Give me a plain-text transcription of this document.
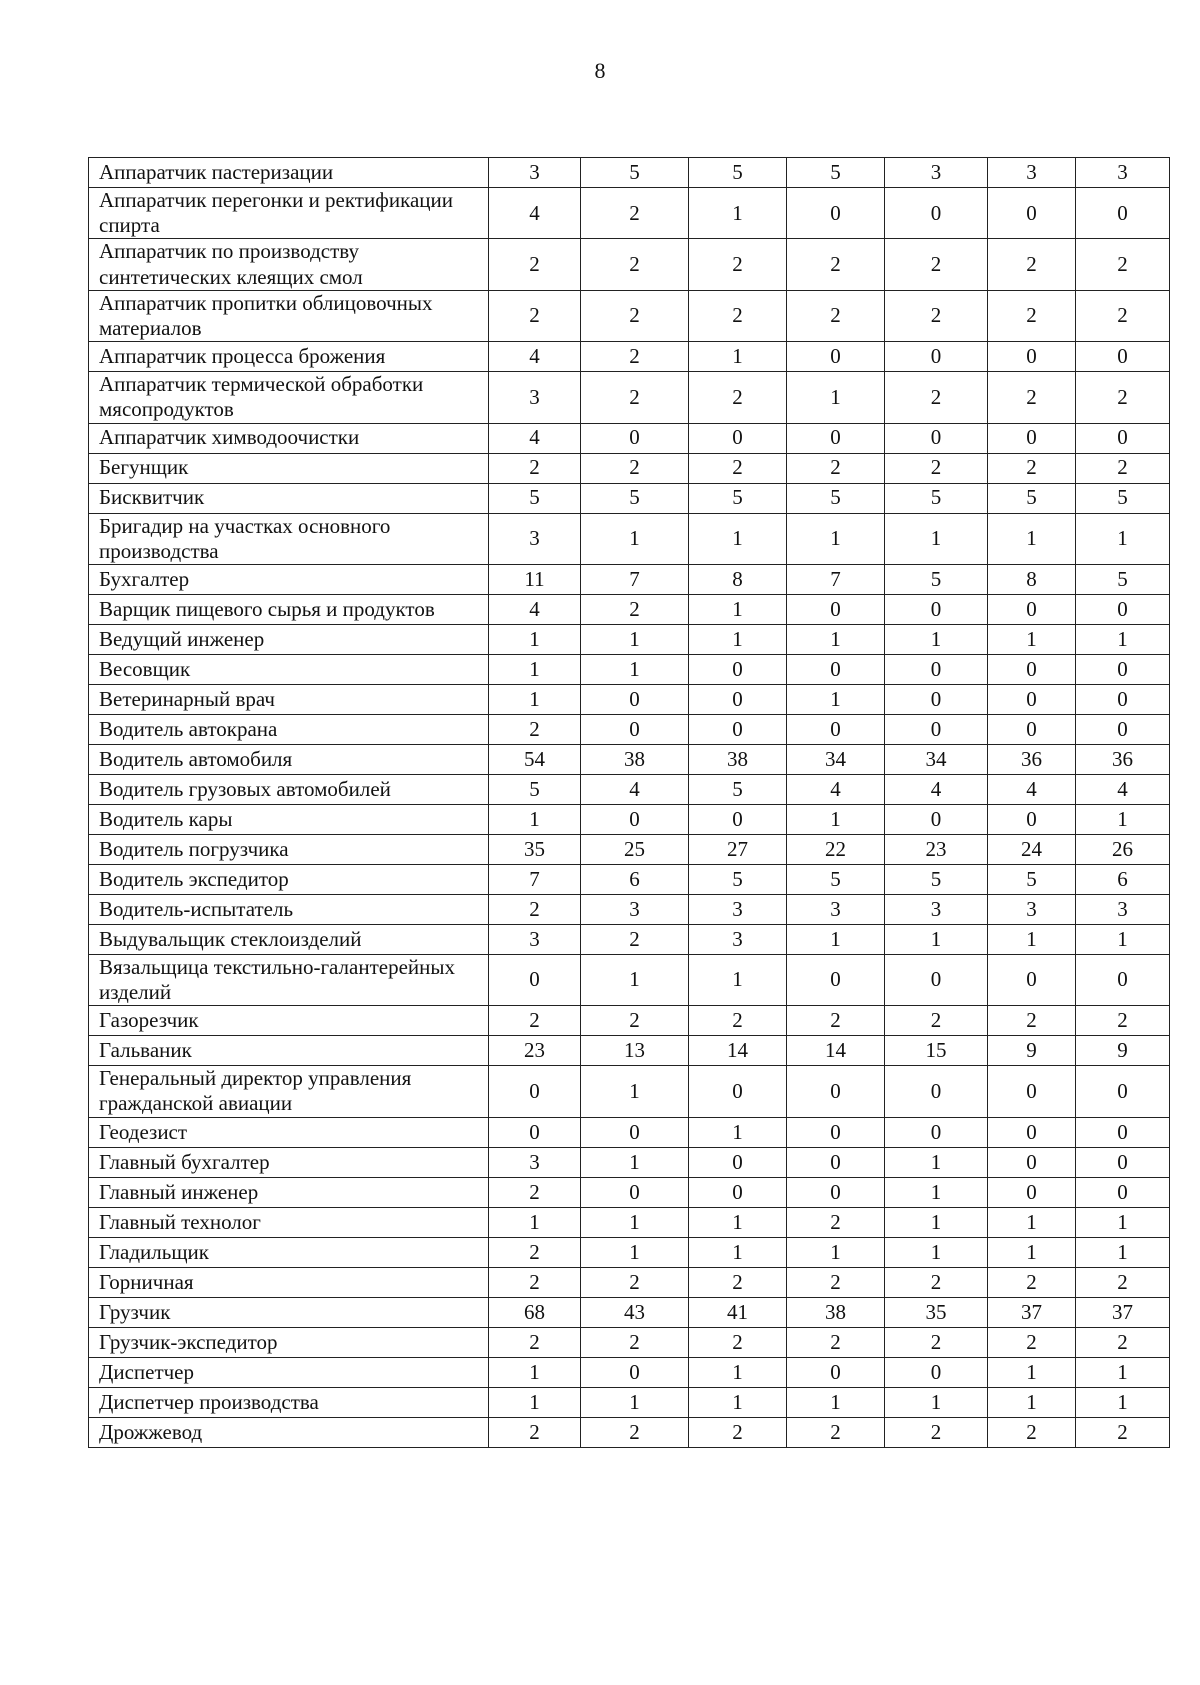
8
Аппаратчик пастеризации	3	5	5	5	3	3	3
Аппаратчик перегонки и ректификации спирта	4	2	1	0	0	0	0
Аппаратчик по производству синтетических клеящих смол	2	2	2	2	2	2	2
Аппаратчик пропитки облицовочных материалов	2	2	2	2	2	2	2
Аппаратчик процесса брожения	4	2	1	0	0	0	0
Аппаратчик термической обработки мясопродуктов	3	2	2	1	2	2	2
Аппаратчик химводоочистки	4	0	0	0	0	0	0
Бегунщик	2	2	2	2	2	2	2
Бисквитчик	5	5	5	5	5	5	5
Бригадир на участках основного производства	3	1	1	1	1	1	1
Бухгалтер	11	7	8	7	5	8	5
Варщик пищевого сырья и продуктов	4	2	1	0	0	0	0
Ведущий инженер	1	1	1	1	1	1	1
Весовщик	1	1	0	0	0	0	0
Ветеринарный врач	1	0	0	1	0	0	0
Водитель автокрана	2	0	0	0	0	0	0
Водитель автомобиля	54	38	38	34	34	36	36
Водитель грузовых автомобилей	5	4	5	4	4	4	4
Водитель кары	1	0	0	1	0	0	1
Водитель погрузчика	35	25	27	22	23	24	26
Водитель экспедитор	7	6	5	5	5	5	6
Водитель-испытатель	2	3	3	3	3	3	3
Выдувальщик стеклоизделий	3	2	3	1	1	1	1
Вязальщица текстильно-галантерейных изделий	0	1	1	0	0	0	0
Газорезчик	2	2	2	2	2	2	2
Гальваник	23	13	14	14	15	9	9
Генеральный директор управления гражданской авиации	0	1	0	0	0	0	0
Геодезист	0	0	1	0	0	0	0
Главный бухгалтер	3	1	0	0	1	0	0
Главный инженер	2	0	0	0	1	0	0
Главный технолог	1	1	1	2	1	1	1
Гладильщик	2	1	1	1	1	1	1
Горничная	2	2	2	2	2	2	2
Грузчик	68	43	41	38	35	37	37
Грузчик-экспедитор	2	2	2	2	2	2	2
Диспетчер	1	0	1	0	0	1	1
Диспетчер производства	1	1	1	1	1	1	1
Дрожжевод	2	2	2	2	2	2	2
